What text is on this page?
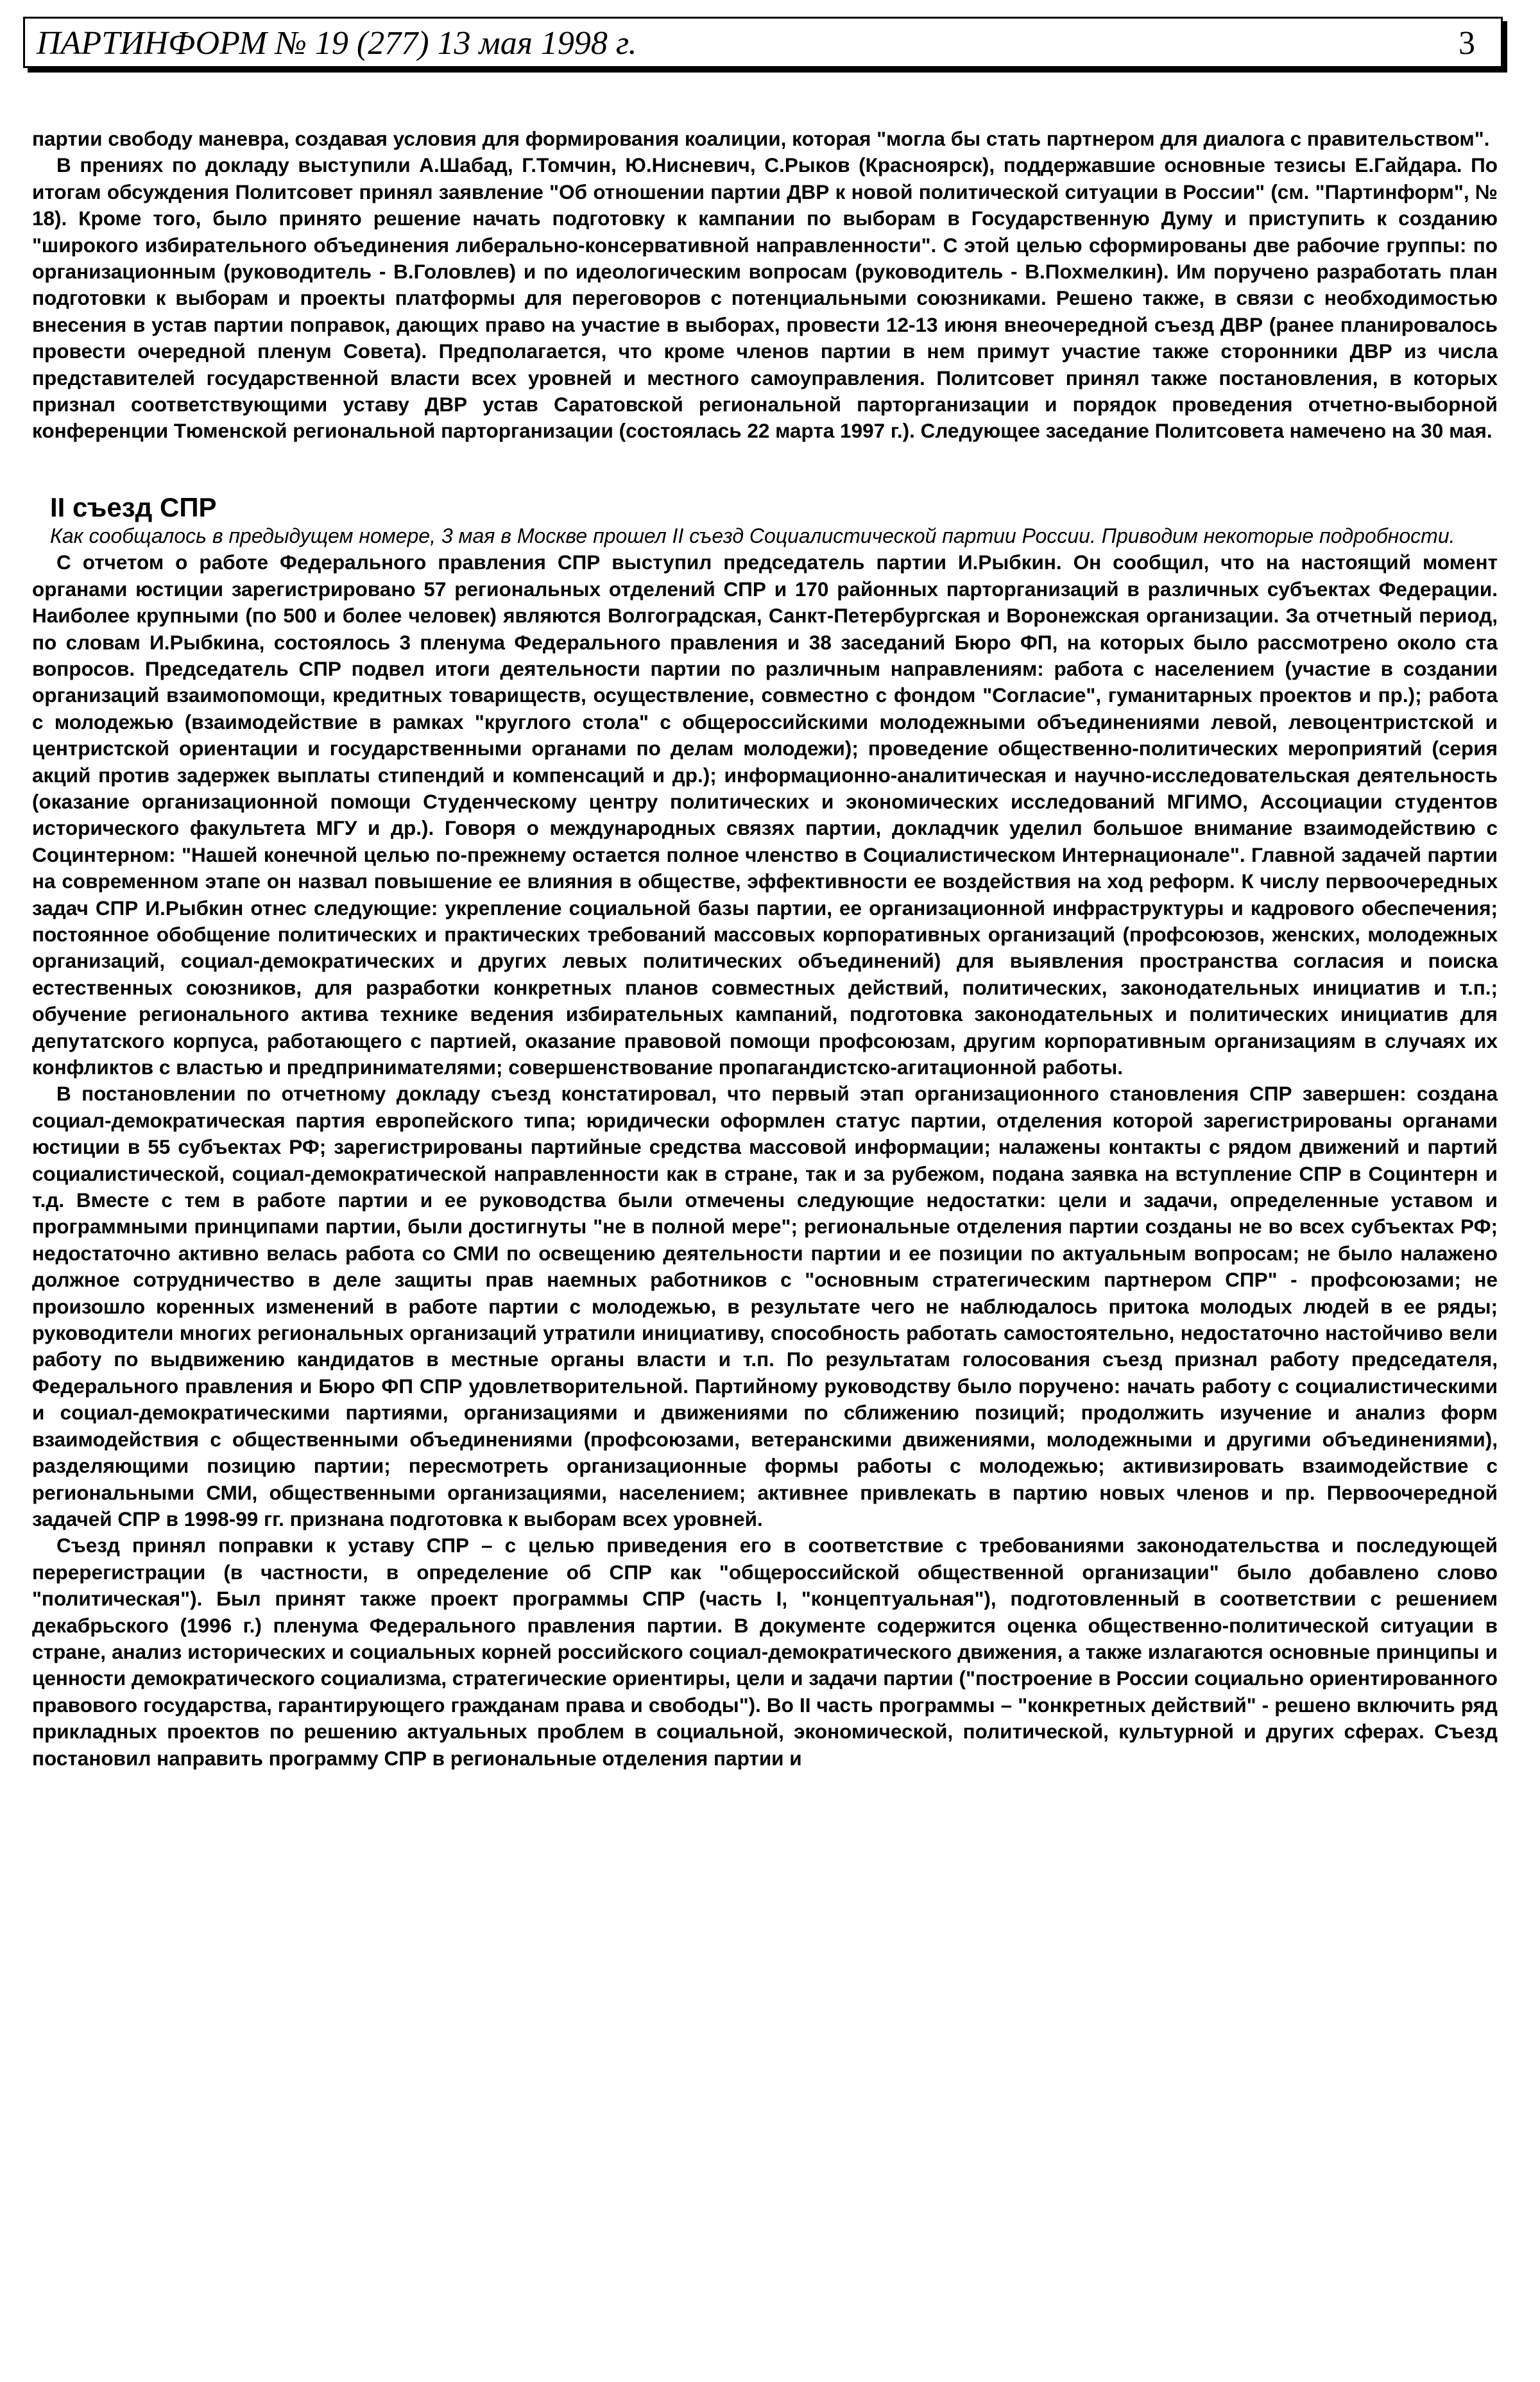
ПАРТИНФОРМ № 19 (277) 13 мая 1998 г.	3

партии свободу маневра, создавая условия для формирования коалиции, которая "могла бы стать партнером для диалога с правительством".

В прениях по докладу выступили А.Шабад, Г.Томчин, Ю.Нисневич, С.Рыков (Красноярск), поддержавшие основные тезисы Е.Гайдара. По итогам обсуждения Политсовет принял заявление "Об отношении партии ДВР к новой политической ситуации в России" (см. "Партинформ", № 18). Кроме того, было принято решение начать подготовку к кампании по выборам в Государственную Думу и приступить к созданию "широкого избирательного объединения либерально-консервативной направленности". С этой целью сформированы две рабочие группы: по организационным (руководитель - В.Головлев) и по идеологическим вопросам (руководитель - В.Похмелкин). Им поручено разработать план подготовки к выборам и проекты платформы для переговоров с потенциальными союзниками. Решено также, в связи с необходимостью внесения в устав партии поправок, дающих право на участие в выборах, провести 12-13 июня внеочередной съезд ДВР (ранее планировалось провести очередной пленум Совета). Предполагается, что кроме членов партии в нем примут участие также сторонники ДВР из числа представителей государственной власти всех уровней и местного самоуправления. Политсовет принял также постановления, в которых признал соответствующими уставу ДВР устав Саратовской региональной парторганизации и порядок проведения отчетно-выборной конференции Тюменской региональной парторганизации (состоялась 22 марта 1997 г.). Следующее заседание Политсовета намечено на 30 мая.

II съезд СПР

Как сообщалось в предыдущем номере, 3 мая в Москве прошел II съезд Социалистической партии России. Приводим некоторые подробности.

С отчетом о работе Федерального правления СПР выступил председатель партии И.Рыбкин. Он сообщил, что на настоящий момент органами юстиции зарегистрировано 57 региональных отделений СПР и 170 районных парторганизаций в различных субъектах Федерации. Наиболее крупными (по 500 и более человек) являются Волгоградская, Санкт-Петербургская и Воронежская организации. За отчетный период, по словам И.Рыбкина, состоялось 3 пленума Федерального правления и 38 заседаний Бюро ФП, на которых было рассмотрено около ста вопросов. Председатель СПР подвел итоги деятельности партии по различным направлениям: работа с населением (участие в создании организаций взаимопомощи, кредитных товариществ, осуществление, совместно с фондом "Согласие", гуманитарных проектов и пр.); работа с молодежью (взаимодействие в рамках "круглого стола" с общероссийскими молодежными объединениями левой, левоцентристской и центристской ориентации и государственными органами по делам молодежи); проведение общественно-политических мероприятий (серия акций против задержек выплаты стипендий и компенсаций и др.); информационно-аналитическая и научно-исследовательская деятельность (оказание организационной помощи Студенческому центру политических и экономических исследований МГИМО, Ассоциации студентов исторического факультета МГУ и др.). Говоря о международных связях партии, докладчик уделил большое внимание взаимодействию с Социнтерном: "Нашей конечной целью по-прежнему остается полное членство в Социалистическом Интернационале". Главной задачей партии на современном этапе он назвал повышение ее влияния в обществе, эффективности ее воздействия на ход реформ. К числу первоочередных задач СПР И.Рыбкин отнес следующие: укрепление социальной базы партии, ее организационной инфраструктуры и кадрового обеспечения; постоянное обобщение политических и практических требований массовых корпоративных организаций (профсоюзов, женских, молодежных организаций, социал-демократических и других левых политических объединений) для выявления пространства согласия и поиска естественных союзников, для разработки конкретных планов совместных действий, политических, законодательных инициатив и т.п.; обучение регионального актива технике ведения избирательных кампаний, подготовка законодательных и политических инициатив для депутатского корпуса, работающего с партией, оказание правовой помощи профсоюзам, другим корпоративным организациям в случаях их конфликтов с властью и предпринимателями; совершенствование пропагандистско-агитационной работы.

В постановлении по отчетному докладу съезд констатировал, что первый этап организационного становления СПР завершен: создана социал-демократическая партия европейского типа; юридически оформлен статус партии, отделения которой зарегистрированы органами юстиции в 55 субъектах РФ; зарегистрированы партийные средства массовой информации; налажены контакты с рядом движений и партий социалистической, социал-демократической направленности как в стране, так и за рубежом, подана заявка на вступление СПР в Социнтерн и т.д. Вместе с тем в работе партии и ее руководства были отмечены следующие недостатки: цели и задачи, определенные уставом и программными принципами партии, были достигнуты "не в полной мере"; региональные отделения партии созданы не во всех субъектах РФ; недостаточно активно велась работа со СМИ по освещению деятельности партии и ее позиции по актуальным вопросам; не было налажено должное сотрудничество в деле защиты прав наемных работников с "основным стратегическим партнером СПР" - профсоюзами; не произошло коренных изменений в работе партии с молодежью, в результате чего не наблюдалось притока молодых людей в ее ряды; руководители многих региональных организаций утратили инициативу, способность работать самостоятельно, недостаточно настойчиво вели работу по выдвижению кандидатов в местные органы власти и т.п. По результатам голосования съезд признал работу председателя, Федерального правления и Бюро ФП СПР удовлетворительной. Партийному руководству было поручено: начать работу с социалистическими и социал-демократическими партиями, организациями и движениями по сближению позиций; продолжить изучение и анализ форм взаимодействия с общественными объединениями (профсоюзами, ветеранскими движениями, молодежными и другими объединениями), разделяющими позицию партии; пересмотреть организационные формы работы с молодежью; активизировать взаимодействие с региональными СМИ, общественными организациями, населением; активнее привлекать в партию новых членов и пр. Первоочередной задачей СПР в 1998-99 гг. признана подготовка к выборам всех уровней.

Съезд принял поправки к уставу СПР – с целью приведения его в соответствие с требованиями законодательства и последующей перерегистрации (в частности, в определение об СПР как "общероссийской общественной организации" было добавлено слово "политическая"). Был принят также проект программы СПР (часть I, "концептуальная"), подготовленный в соответствии с решением декабрьского (1996 г.) пленума Федерального правления партии. В документе содержится оценка общественно-политической ситуации в стране, анализ исторических и социальных корней российского социал-демократического движения, а также излагаются основные принципы и ценности демократического социализма, стратегические ориентиры, цели и задачи партии ("построение в России социально ориентированного правового государства, гарантирующего гражданам права и свободы"). Во II часть программы – "конкретных действий" - решено включить ряд прикладных проектов по решению актуальных проблем в социальной, экономической, политической, культурной и других сферах. Съезд постановил направить программу СПР в региональные отделения партии и
